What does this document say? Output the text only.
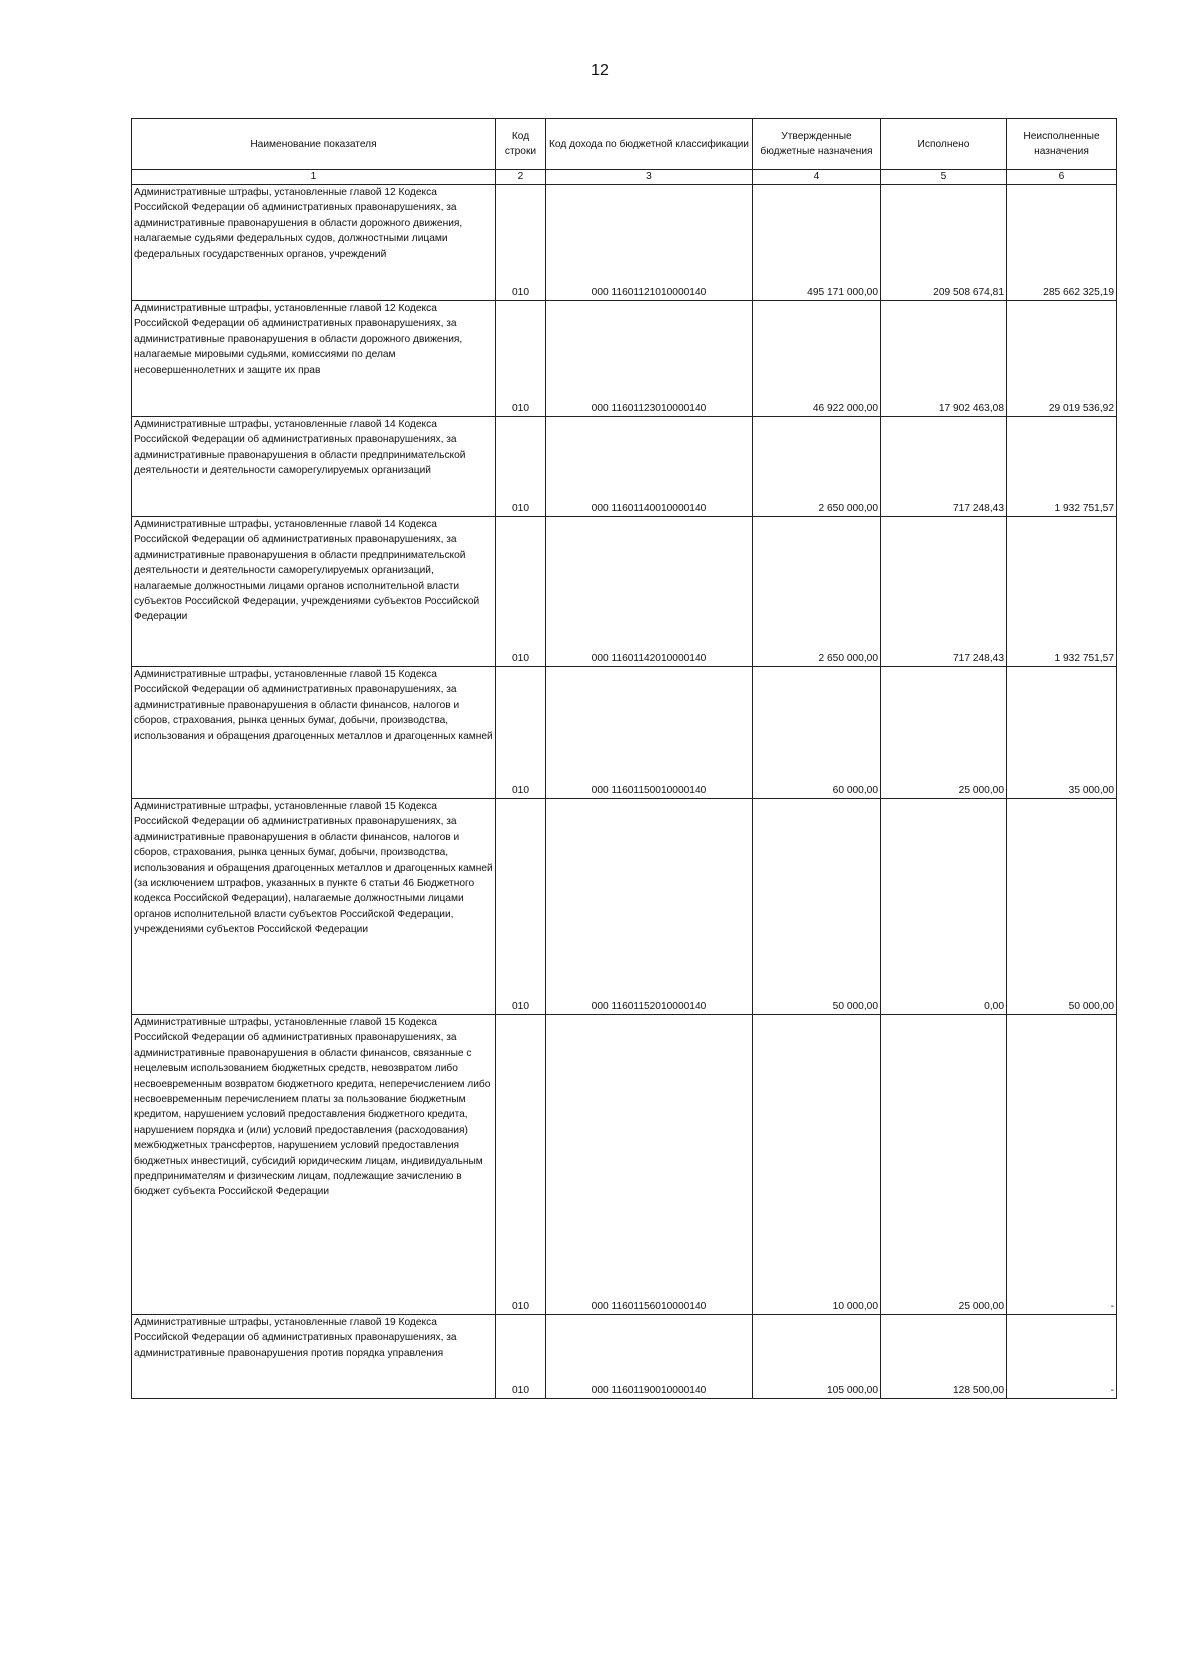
12
Наименование показателя	Код строки	Код дохода по бюджетной классификации	Утвержденные бюджетные назначения	Исполнено	Неисполненные назначения
1	2	3	4	5	6
Административные штрафы, установленные главой 12 Кодекса Российской Федерации об административных правонарушениях, за административные правонарушения в области дорожного движения, налагаемые судьями федеральных судов, должностными лицами федеральных государственных органов, учреждений	010	000 11601121010000140	495 171 000,00	209 508 674,81	285 662 325,19
Административные штрафы, установленные главой 12 Кодекса Российской Федерации об административных правонарушениях, за административные правонарушения в области дорожного движения, налагаемые мировыми судьями, комиссиями по делам несовершеннолетних и защите их прав	010	000 11601123010000140	46 922 000,00	17 902 463,08	29 019 536,92
Административные штрафы, установленные главой 14 Кодекса Российской Федерации об административных правонарушениях, за административные правонарушения в области предпринимательской деятельности и деятельности саморегулируемых организаций	010	000 11601140010000140	2 650 000,00	717 248,43	1 932 751,57
Административные штрафы, установленные главой 14 Кодекса Российской Федерации об административных правонарушениях, за административные правонарушения в области предпринимательской деятельности и деятельности саморегулируемых организаций, налагаемые должностными лицами органов исполнительной власти субъектов Российской Федерации, учреждениями субъектов Российской Федерации	010	000 11601142010000140	2 650 000,00	717 248,43	1 932 751,57
Административные штрафы, установленные главой 15 Кодекса Российской Федерации об административных правонарушениях, за административные правонарушения в области финансов, налогов и сборов, страхования, рынка ценных бумаг, добычи, производства, использования и обращения драгоценных металлов и драгоценных камней	010	000 11601150010000140	60 000,00	25 000,00	35 000,00
Административные штрафы, установленные главой 15 Кодекса Российской Федерации об административных правонарушениях, за административные правонарушения в области финансов, налогов и сборов, страхования, рынка ценных бумаг, добычи, производства, использования и обращения драгоценных металлов и драгоценных камней (за исключением штрафов, указанных в пункте 6 статьи 46 Бюджетного кодекса Российской Федерации), налагаемые должностными лицами органов исполнительной власти субъектов Российской Федерации, учреждениями субъектов Российской Федерации	010	000 11601152010000140	50 000,00	0,00	50 000,00
Административные штрафы, установленные главой 15 Кодекса Российской Федерации об административных правонарушениях, за административные правонарушения в области финансов, связанные с нецелевым использованием бюджетных средств, невозвратом либо несвоевременным возвратом бюджетного кредита, неперечислением либо несвоевременным перечислением платы за пользование бюджетным кредитом, нарушением условий предоставления бюджетного кредита, нарушением порядка и (или) условий предоставления (расходования) межбюджетных трансфертов, нарушением условий предоставления бюджетных инвестиций, субсидий юридическим лицам, индивидуальным предпринимателям и физическим лицам, подлежащие зачислению в бюджет субъекта Российской Федерации	010	000 11601156010000140	10 000,00	25 000,00	-
Административные штрафы, установленные главой 19 Кодекса Российской Федерации об административных правонарушениях, за административные правонарушения против порядка управления	010	000 11601190010000140	105 000,00	128 500,00	-
